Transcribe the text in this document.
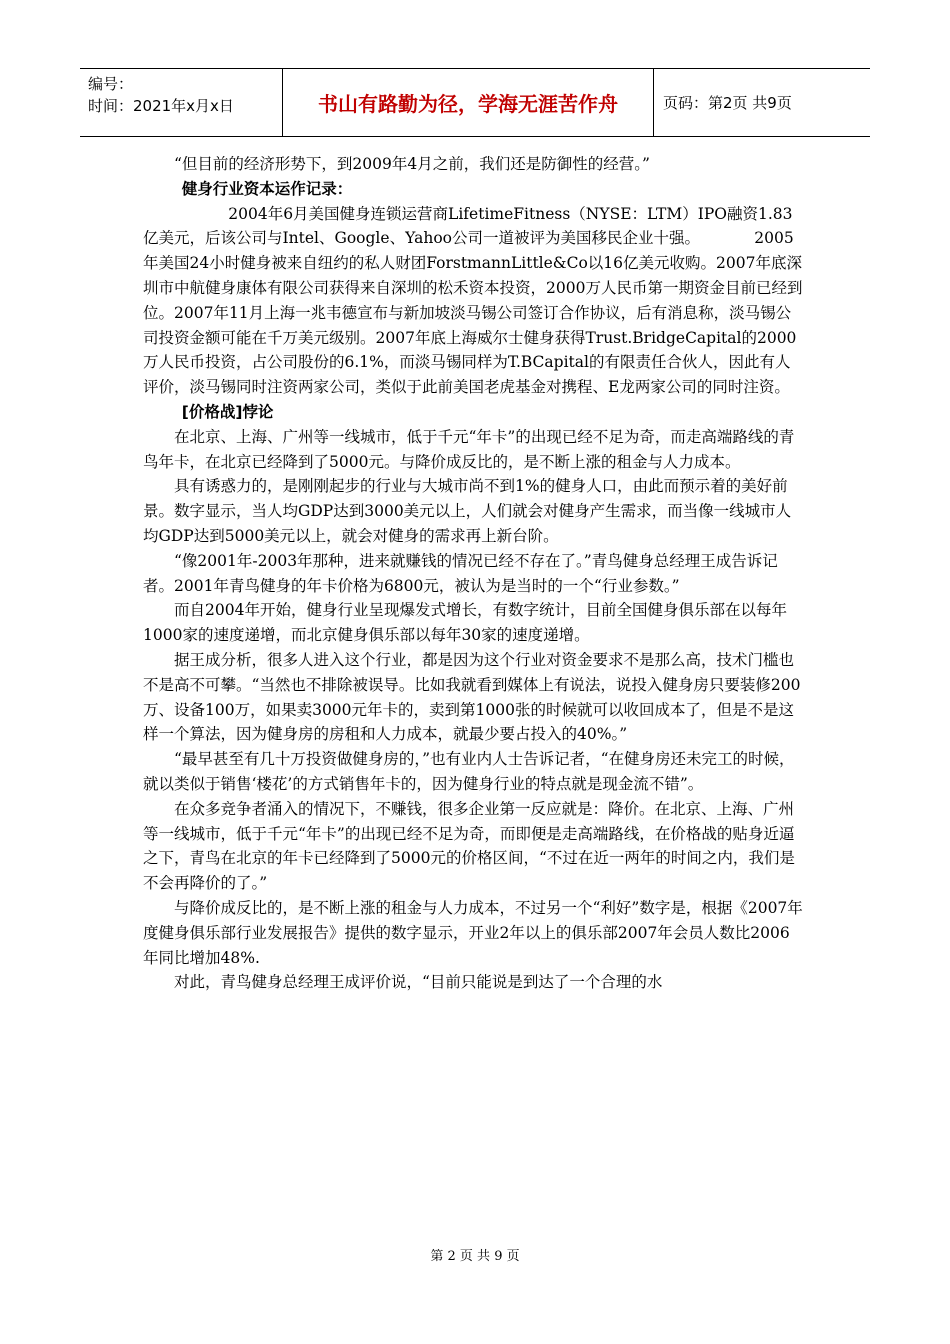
编号：
时间：2021年x月x日	书山有路勤为径，学海无涯苦作舟	页码：第2页 共9页

“但目前的经济形势下，到2009年4月之前，我们还是防御性的经营。”

健身行业资本运作记录：

2004年6月美国健身连锁运营商LifetimeFitness（NYSE：LTM）IPO融资1.83亿美元，后该公司与Intel、Google、Yahoo公司一道被评为美国移民企业十强。　　　　2005年美国24小时健身被来自纽约的私人财团ForstmannLittle&Co以16亿美元收购。2007年底深圳市中航健身康体有限公司获得来自深圳的松禾资本投资，2000万人民币第一期资金目前已经到位。2007年11月上海一兆韦德宣布与新加坡淡马锡公司签订合作协议，后有消息称，淡马锡公司投资金额可能在千万美元级别。2007年底上海威尔士健身获得Trust.BridgeCapital的2000万人民币投资，占公司股份的6.1%，而淡马锡同样为T.BCapital的有限责任合伙人，因此有人评价，淡马锡同时注资两家公司，类似于此前美国老虎基金对携程、E龙两家公司的同时注资。

[价格战]悖论

在北京、上海、广州等一线城市，低于千元“年卡”的出现已经不足为奇，而走高端路线的青鸟年卡，在北京已经降到了5000元。与降价成反比的，是不断上涨的租金与人力成本。

具有诱惑力的，是刚刚起步的行业与大城市尚不到1%的健身人口，由此而预示着的美好前景。数字显示，当人均GDP达到3000美元以上，人们就会对健身产生需求，而当像一线城市人均GDP达到5000美元以上，就会对健身的需求再上新台阶。

“像2001年-2003年那种，进来就赚钱的情况已经不存在了。”青鸟健身总经理王成告诉记者。2001年青鸟健身的年卡价格为6800元，被认为是当时的一个“行业参数。”

而自2004年开始，健身行业呈现爆发式增长，有数字统计，目前全国健身俱乐部在以每年1000家的速度递增，而北京健身俱乐部以每年30家的速度递增。

据王成分析，很多人进入这个行业，都是因为这个行业对资金要求不是那么高，技术门槛也不是高不可攀。“当然也不排除被误导。比如我就看到媒体上有说法，说投入健身房只要装修200万、设备100万，如果卖3000元年卡的，卖到第1000张的时候就可以收回成本了，但是不是这样一个算法，因为健身房的房租和人力成本，就最少要占投入的40%。”

“最早甚至有几十万投资做健身房的，”也有业内人士告诉记者，“在健身房还未完工的时候，就以类似于销售‘楼花’的方式销售年卡的，因为健身行业的特点就是现金流不错”。

在众多竞争者涌入的情况下，不赚钱，很多企业第一反应就是：降价。在北京、上海、广州等一线城市，低于千元“年卡”的出现已经不足为奇，而即便是走高端路线，在价格战的贴身近逼之下，青鸟在北京的年卡已经降到了5000元的价格区间，“不过在近一两年的时间之内，我们是不会再降价的了。”

与降价成反比的，是不断上涨的租金与人力成本，不过另一个“利好”数字是，根据《2007年度健身俱乐部行业发展报告》提供的数字显示，开业2年以上的俱乐部2007年会员人数比2006年同比增加48%.

对此，青鸟健身总经理王成评价说，“目前只能说是到达了一个合理的水

第 2 页 共 9 页
